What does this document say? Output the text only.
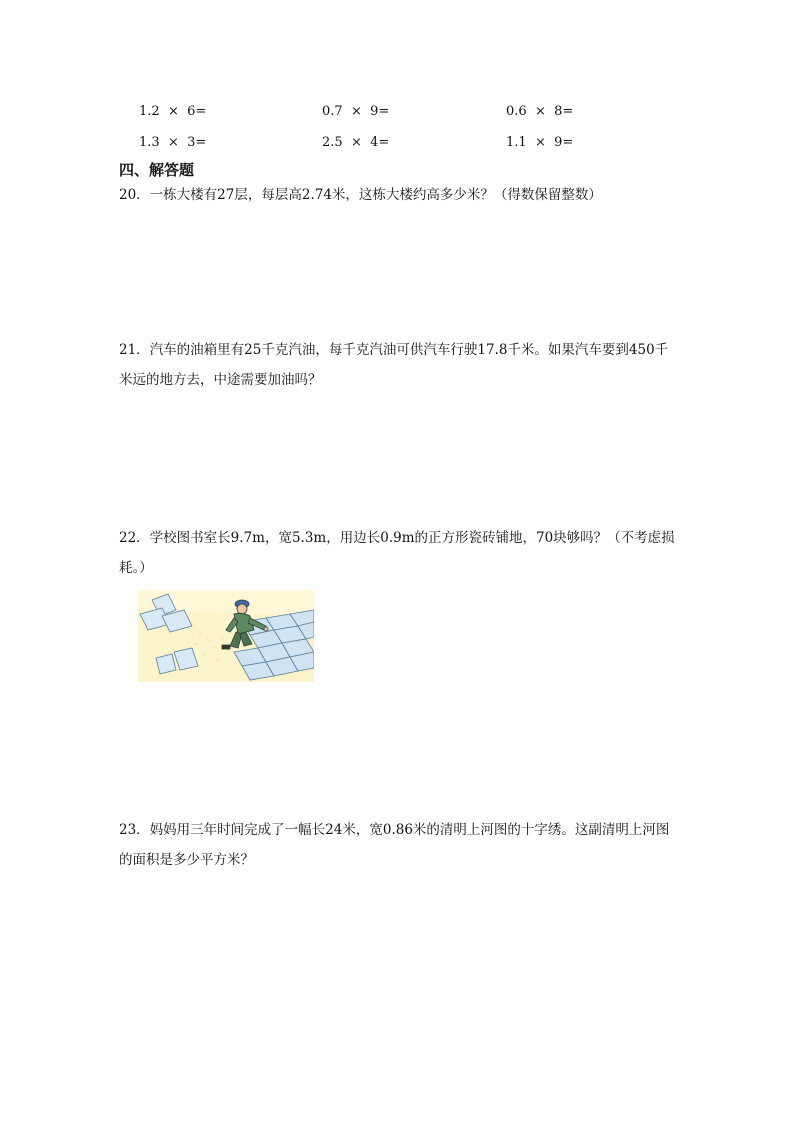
1.2  ×  6=	0.7  ×  9=	0.6  ×  8=
1.3  ×  3=	2.5  ×  4=	1.1  ×  9=
四、解答题
20．一栋大楼有27层，每层高2.74米，这栋大楼约高多少米？（得数保留整数）
21．汽车的油箱里有25千克汽油，每千克汽油可供汽车行驶17.8千米。如果汽车要到450千米远的地方去，中途需要加油吗？
22．学校图书室长9.7m，宽5.3m，用边长0.9m的正方形瓷砖铺地，70块够吗？（不考虑损耗。）
23．妈妈用三年时间完成了一幅长24米，宽0.86米的清明上河图的十字绣。这副清明上河图的面积是多少平方米？
